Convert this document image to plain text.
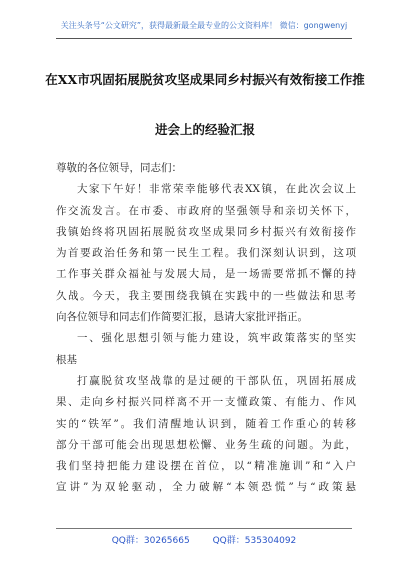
关注头条号“公文研究”，获得最新最全最专业的公文资料库！ 微信：gongwenyj
在XX市巩固拓展脱贫攻坚成果同乡村振兴有效衔接工作推
进会上的经验汇报
尊敬的各位领导，同志们：
大家下午好！非常荣幸能够代表XX镇，在此次会议上
作交流发言。在市委、市政府的坚强领导和亲切关怀下，
我镇始终将巩固拓展脱贫攻坚成果同乡村振兴有效衔接作
为首要政治任务和第一民生工程。我们深刻认识到，这项
工作事关群众福祉与发展大局，是一场需要常抓不懈的持
久战。今天，我主要围绕我镇在实践中的一些做法和思考
向各位领导和同志们作简要汇报，恳请大家批评指正。
一、强化思想引领与能力建设，筑牢政策落实的坚实
根基
打赢脱贫攻坚战靠的是过硬的干部队伍，巩固拓展成
果、走向乡村振兴同样离不开一支懂政策、有能力、作风
实的“铁军”。我们清醒地认识到，随着工作重心的转移
部分干部可能会出现思想松懈、业务生疏的问题。为此，
我们坚持把能力建设摆在首位，以“精准施训”和“入户
宣讲”为双轮驱动，全力破解“本领恐慌”与“政策悬
QQ群：30265665	QQ群：535304092
